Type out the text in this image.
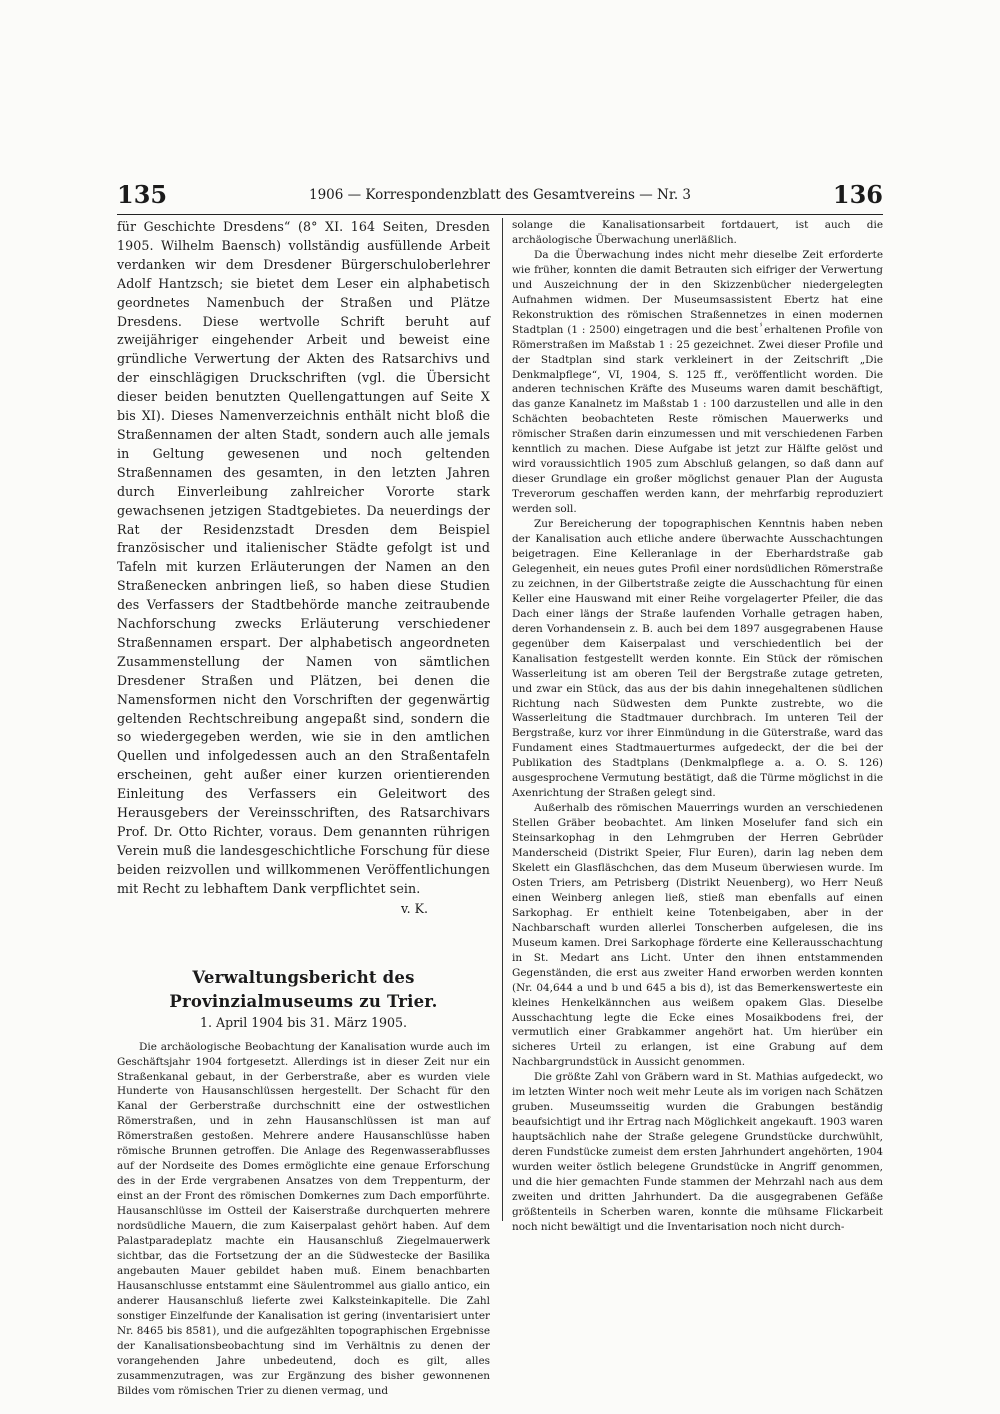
135	1906 — Korrespondenzblatt des Gesamtvereins — Nr. 3	136

für Geschichte Dresdens“ (8° XI. 164 Seiten, Dresden 1905. Wilhelm Baensch) vollständig ausfüllende Arbeit verdanken wir dem Dresdener Bürgerschuloberlehrer Adolf Hantzsch; sie bietet dem Leser ein alphabetisch geordnetes Namenbuch der Straßen und Plätze Dresdens. Diese wertvolle Schrift beruht auf zweijähriger eingehender Arbeit und beweist eine gründliche Verwertung der Akten des Ratsarchivs und der einschlägigen Druckschriften (vgl. die Übersicht dieser beiden benutzten Quellengattungen auf Seite X bis XI). Dieses Namenverzeichnis enthält nicht bloß die Straßennamen der alten Stadt, sondern auch alle jemals in Geltung gewesenen und noch geltenden Straßennamen des gesamten, in den letzten Jahren durch Einverleibung zahlreicher Vororte stark gewachsenen jetzigen Stadtgebietes. Da neuerdings der Rat der Residenzstadt Dresden dem Beispiel französischer und italienischer Städte gefolgt ist und Tafeln mit kurzen Erläuterungen der Namen an den Straßenecken anbringen ließ, so haben diese Studien des Verfassers der Stadtbehörde manche zeitraubende Nachforschung zwecks Erläuterung verschiedener Straßennamen erspart. Der alphabetisch angeordneten Zusammenstellung der Namen von sämtlichen Dresdener Straßen und Plätzen, bei denen die Namensformen nicht den Vorschriften der gegenwärtig geltenden Rechtschreibung angepaßt sind, sondern die so wiedergegeben werden, wie sie in den amtlichen Quellen und infolgedessen auch an den Straßentafeln erscheinen, geht außer einer kurzen orientierenden Einleitung des Verfassers ein Geleitwort des Herausgebers der Vereinsschriften, des Ratsarchivars Prof. Dr. Otto Richter, voraus. Dem genannten rührigen Verein muß die landesgeschichtliche Forschung für diese beiden reizvollen und willkommenen Veröffentlichungen mit Recht zu lebhaftem Dank verpflichtet sein.

v. K.

Verwaltungsbericht des Provinzialmuseums zu Trier.

1. April 1904 bis 31. März 1905.

Die archäologische Beobachtung der Kanalisation wurde auch im Geschäftsjahr 1904 fortgesetzt. Allerdings ist in dieser Zeit nur ein Straßenkanal gebaut, in der Gerberstraße, aber es wurden viele Hunderte von Hausanschlüssen hergestellt. Der Schacht für den Kanal der Gerberstraße durchschnitt eine der ostwestlichen Römerstraßen, und in zehn Hausanschlüssen ist man auf Römerstraßen gestoßen. Mehrere andere Hausanschlüsse haben römische Brunnen getroffen. Die Anlage des Regenwasserabflusses auf der Nordseite des Domes ermöglichte eine genaue Erforschung des in der Erde vergrabenen Ansatzes von dem Treppenturm, der einst an der Front des römischen Domkernes zum Dach emporführte. Hausanschlüsse im Ostteil der Kaiserstraße durchquerten mehrere nordsüdliche Mauern, die zum Kaiserpalast gehört haben. Auf dem Palastparadeplatz machte ein Hausanschluß Ziegelmauerwerk sichtbar, das die Fortsetzung der an die Südwestecke der Basilika angebauten Mauer gebildet haben muß. Einem benachbarten Hausanschlusse entstammt eine Säulentrommel aus giallo antico, ein anderer Hausanschluß lieferte zwei Kalksteinkapitelle. Die Zahl sonstiger Einzelfunde der Kanalisation ist gering (inventarisiert unter Nr. 8465 bis 8581), und die aufgezählten topographischen Ergebnisse der Kanalisationsbeobachtung sind im Verhältnis zu denen der vorangehenden Jahre unbedeutend, doch es gilt, alles zusammenzutragen, was zur Ergänzung des bisher gewonnenen Bildes vom römischen Trier zu dienen vermag, und

solange die Kanalisationsarbeit fortdauert, ist auch die archäologische Überwachung unerläßlich.

Da die Überwachung indes nicht mehr dieselbe Zeit erforderte wie früher, konnten die damit Betrauten sich eifriger der Verwertung und Auszeichnung der in den Skizzenbücher niedergelegten Aufnahmen widmen. Der Museumsassistent Ebertz hat eine Rekonstruktion des römischen Straßennetzes in einen modernen Stadtplan (1 : 2500) eingetragen und die bestⸯerhaltenen Profile von Römerstraßen im Maßstab 1 : 25 gezeichnet. Zwei dieser Profile und der Stadtplan sind stark verkleinert in der Zeitschrift „Die Denkmalpflege“, VI, 1904, S. 125 ff., veröffentlicht worden. Die anderen technischen Kräfte des Museums waren damit beschäftigt, das ganze Kanalnetz im Maßstab 1 : 100 darzustellen und alle in den Schächten beobachteten Reste römischen Mauerwerks und römischer Straßen darin einzumessen und mit verschiedenen Farben kenntlich zu machen. Diese Aufgabe ist jetzt zur Hälfte gelöst und wird voraussichtlich 1905 zum Abschluß gelangen, so daß dann auf dieser Grundlage ein großer möglichst genauer Plan der Augusta Treverorum geschaffen werden kann, der mehrfarbig reproduziert werden soll.

Zur Bereicherung der topographischen Kenntnis haben neben der Kanalisation auch etliche andere überwachte Ausschachtungen beigetragen. Eine Kelleranlage in der Eberhardstraße gab Gelegenheit, ein neues gutes Profil einer nordsüdlichen Römerstraße zu zeichnen, in der Gilbertstraße zeigte die Ausschachtung für einen Keller eine Hauswand mit einer Reihe vorgelagerter Pfeiler, die das Dach einer längs der Straße laufenden Vorhalle getragen haben, deren Vorhandensein z. B. auch bei dem 1897 ausgegrabenen Hause gegenüber dem Kaiserpalast und verschiedentlich bei der Kanalisation festgestellt werden konnte. Ein Stück der römischen Wasserleitung ist am oberen Teil der Bergstraße zutage getreten, und zwar ein Stück, das aus der bis dahin innegehaltenen südlichen Richtung nach Südwesten dem Punkte zustrebte, wo die Wasserleitung die Stadtmauer durchbrach. Im unteren Teil der Bergstraße, kurz vor ihrer Einmündung in die Güterstraße, ward das Fundament eines Stadtmauerturmes aufgedeckt, der die bei der Publikation des Stadtplans (Denkmalpflege a. a. O. S. 126) ausgesprochene Vermutung bestätigt, daß die Türme möglichst in die Axenrichtung der Straßen gelegt sind.

Außerhalb des römischen Mauerrings wurden an verschiedenen Stellen Gräber beobachtet. Am linken Moselufer fand sich ein Steinsarkophag in den Lehmgruben der Herren Gebrüder Manderscheid (Distrikt Speier, Flur Euren), darin lag neben dem Skelett ein Glasfläschchen, das dem Museum überwiesen wurde. Im Osten Triers, am Petrisberg (Distrikt Neuenberg), wo Herr Neuß einen Weinberg anlegen ließ, stieß man ebenfalls auf einen Sarkophag. Er enthielt keine Totenbeigaben, aber in der Nachbarschaft wurden allerlei Tonscherben aufgelesen, die ins Museum kamen. Drei Sarkophage förderte eine Kellerausschachtung in St. Medart ans Licht. Unter den ihnen entstammenden Gegenständen, die erst aus zweiter Hand erworben werden konnten (Nr. 04,644 a und b und 645 a bis d), ist das Bemerkenswerteste ein kleines Henkelkännchen aus weißem opakem Glas. Dieselbe Ausschachtung legte die Ecke eines Mosaikbodens frei, der vermutlich einer Grabkammer angehört hat. Um hierüber ein sicheres Urteil zu erlangen, ist eine Grabung auf dem Nachbargrundstück in Aussicht genommen.

Die größte Zahl von Gräbern ward in St. Mathias aufgedeckt, wo im letzten Winter noch weit mehr Leute als im vorigen nach Schätzen gruben. Museumsseitig wurden die Grabungen beständig beaufsichtigt und ihr Ertrag nach Möglichkeit angekauft. 1903 waren hauptsächlich nahe der Straße gelegene Grundstücke durchwühlt, deren Fundstücke zumeist dem ersten Jahrhundert angehörten, 1904 wurden weiter östlich belegene Grundstücke in Angriff genommen, und die hier gemachten Funde stammen der Mehrzahl nach aus dem zweiten und dritten Jahrhundert. Da die ausgegrabenen Gefäße größtenteils in Scherben waren, konnte die mühsame Flickarbeit noch nicht bewältigt und die Inventarisation noch nicht durch-
